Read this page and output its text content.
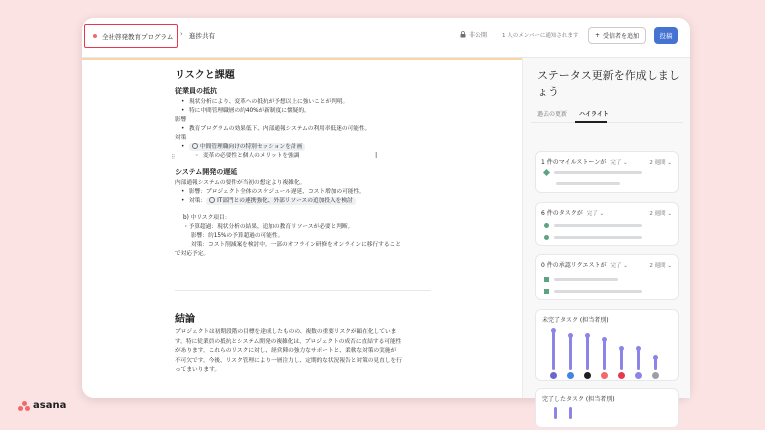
全社啓発教育プログラム › 進捗共有	非公開	1 人のメンバーに通知されます	+ 受信者を追加	投稿
⠿	I
リスクと課題
従業員の抵抗
• 現状分析により、変革への抵抗が予想以上に強いことが判明。
• 特に中間管理職層の約40%が新制度に懐疑的。
影響
• 教育プログラムの効果低下、内部通報システムの利用率低迷の可能性。
対策
• 中間管理職向けの特別セッションを計画
◦ 変革の必要性と個人のメリットを強調
システム開発の遅延
内部通報システムの要件が当初の想定より複雑化。
• 影響：プロジェクト全体のスケジュール遅延、コスト増加の可能性。
• 対策： IT部門との連携強化、外部リソースの追加投入を検討
b) 中リスク項目：
・予算超過：現状分析の結果、追加の教育リソースが必要と判断。
影響：約15%の予算超過の可能性。
対策：コスト削減案を検討中。一部のオフライン研修をオンラインに移行すること
で対応予定。
結論
プロジェクトは初期段階の目標を達成したものの、複数の重要リスクが顕在化していま
す。特に従業員の抵抗とシステム開発の複雑化は、プロジェクトの成否に直結する可能性
があります。これらのリスクに対し、経営陣の強力なサポートと、柔軟な対策の実施が
不可欠です。今後、リスク管理により一層注力し、定期的な状況報告と対策の見直しを行
ってまいります。
ステータス更新を作成しましょう
過去の更新 ハイライト
1 件のマイルストーンが 完了 ⌄	2 週間 ⌄
6 件のタスクが 完了 ⌄	2 週間 ⌄
0 件の承認リクエストが 完了 ⌄	2 週間 ⌄
未完了タスク (担当者別)
完了したタスク (担当者別)
asana
